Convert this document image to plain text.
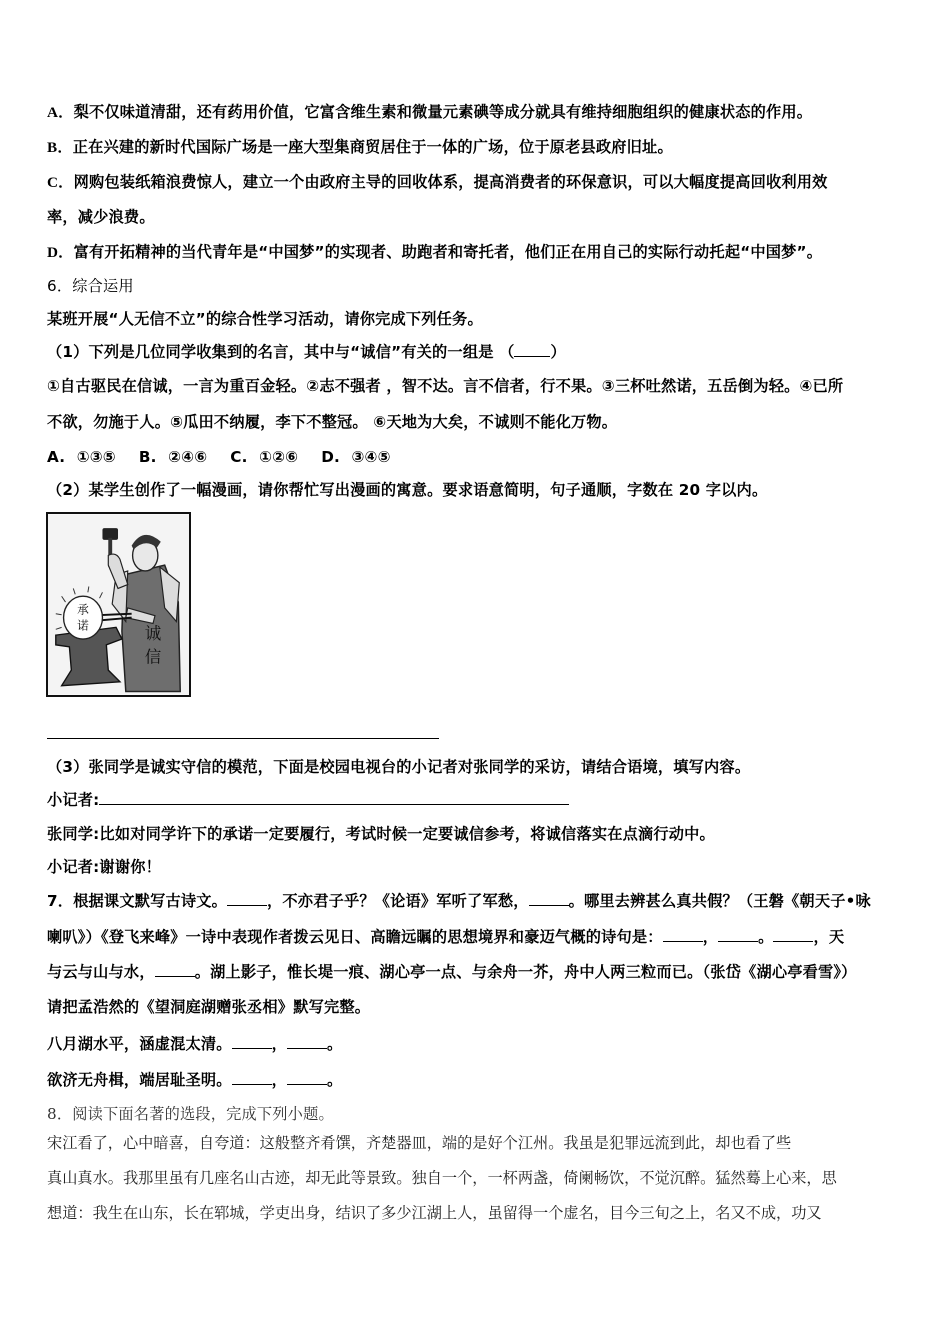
A．梨不仅味道清甜，还有药用价值，它富含维生素和微量元素碘等成分就具有维持细胞组织的健康状态的作用。
B．正在兴建的新时代国际广场是一座大型集商贸居住于一体的广场，位于原老县政府旧址。
C．网购包装纸箱浪费惊人，建立一个由政府主导的回收体系，提高消费者的环保意识，可以大幅度提高回收利用效
率，减少浪费。
D．富有开拓精神的当代青年是“中国梦”的实现者、助跑者和寄托者，他们正在用自己的实际行动托起“中国梦”。
6．综合运用
某班开展“人无信不立”的综合性学习活动，请你完成下列任务。
（1）下列是几位同学收集到的名言，其中与“诚信”有关的一组是 （ ）
①自古驱民在信诚，一言为重百金轻。②志不强者 ，智不达。言不信者，行不果。③三杯吐然诺，五岳倒为轻。④已所
不欲，勿施于人。⑤瓜田不纳履，李下不整冠。 ⑥天地为大矣，不诚则不能化万物。
A. ①③⑤ B. ②④⑥ C. ①②⑥ D. ③④⑤
（2）某学生创作了一幅漫画，请你帮忙写出漫画的寓意。要求语意简明，句子通顺，字数在 20 字以内。
承
诺	诚
信
（3）张同学是诚实守信的模范，下面是校园电视台的小记者对张同学的采访，请结合语境，填写内容。
小记者:
张同学:比如对同学许下的承诺一定要履行，考试时候一定要诚信参考，将诚信落实在点滴行动中。
小记者:谢谢你！
7．根据课文默写古诗文。	，不亦君子乎？《论语》军听了军愁，	。哪里去辨甚么真共假？（王磐《朝天子•咏
喇叭》）《登飞来峰》一诗中表现作者拨云见日、高瞻远瞩的思想境界和豪迈气概的诗句是：	，	。	，天
与云与山与水，	。湖上影子，惟长堤一痕、湖心亭一点、与余舟一芥，舟中人两三粒而已。（张岱《湖心亭看雪》）
请把孟浩然的《望洞庭湖赠张丞相》默写完整。
八月湖水平，涵虚混太清。	，	。
欲济无舟楫，端居耻圣明。	，	。
8．阅读下面名著的选段，完成下列小题。
宋江看了，心中暗喜，自夸道：这般整齐肴馔，齐楚器皿，端的是好个江州。我虽是犯罪远流到此，却也看了些
真山真水。我那里虽有几座名山古迹，却无此等景致。独自一个，一杯两盏，倚阑畅饮，不觉沉醉。猛然蓦上心来，思
想道：我生在山东，长在郓城，学吏出身，结识了多少江湖上人，虽留得一个虚名，目今三旬之上，名又不成，功又
